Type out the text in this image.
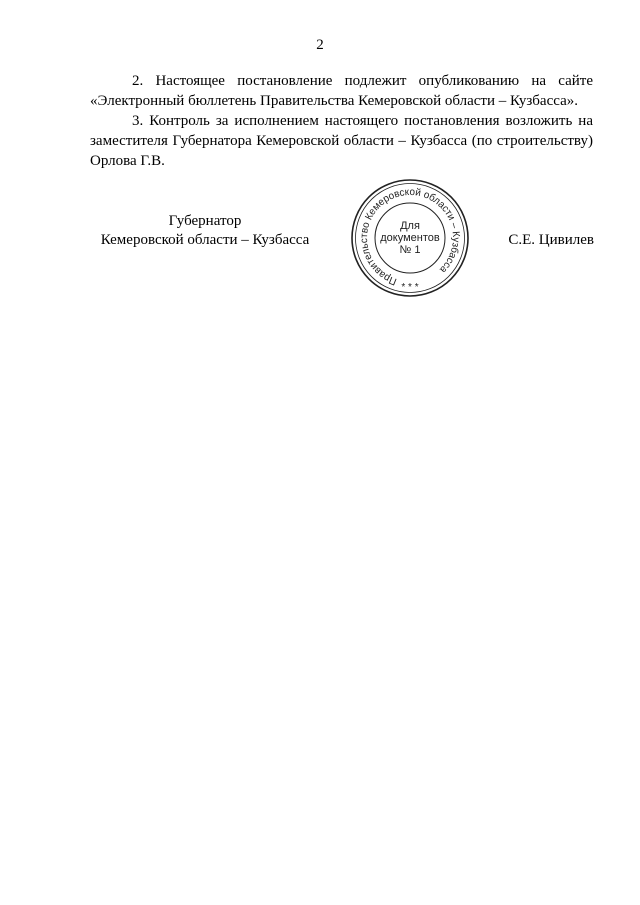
2

2. Настоящее постановление подлежит опубликованию на сайте «Электронный бюллетень Правительства Кемеровской области – Кузбасса».

3. Контроль за исполнением настоящего постановления возложить на заместителя Губернатора Кемеровской области – Кузбасса (по строительству) Орлова Г.В.

Губернатор
Кемеровской области – Кузбасса
Правительство Кемеровской области – Кузбасса
* * *
Для
документов
№ 1
С.Е. Цивилев
